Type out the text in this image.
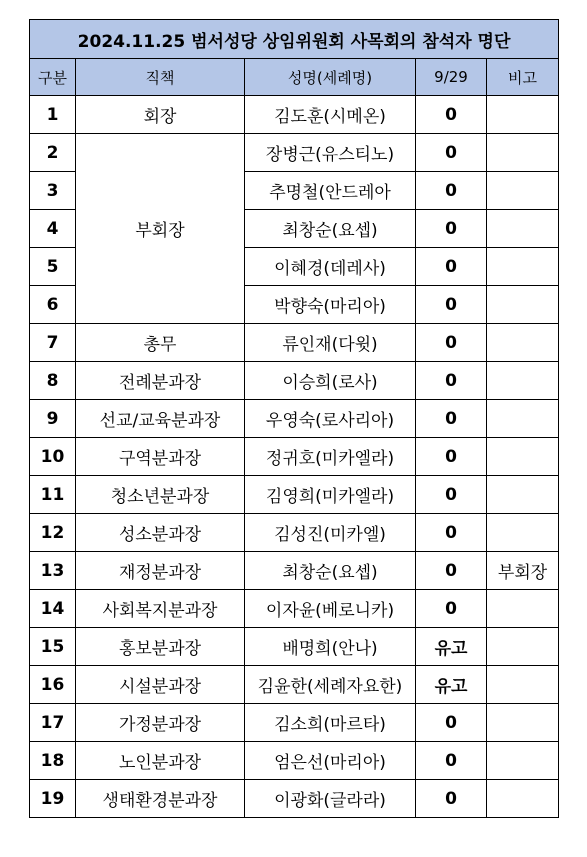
2024.11.25 범서성당 상임위원회 사목회의 참석자 명단				
구분	직책	성명(세례명)	9/29	비고
1	회장	김도훈(시메온)	0	
2	부회장	장병근(유스티노)	0	
3		추명철(안드레아	0	
4		최창순(요셉)	0	
5		이혜경(데레사)	0	
6		박향숙(마리아)	0	
7	총무	류인재(다윗)	0	
8	전례분과장	이승희(로사)	0	
9	선교/교육분과장	우영숙(로사리아)	0	
10	구역분과장	정귀호(미카엘라)	0	
11	청소년분과장	김영희(미카엘라)	0	
12	성소분과장	김성진(미카엘)	0	
13	재정분과장	최창순(요셉)	0	부회장
14	사회복지분과장	이자윤(베로니카)	0	
15	홍보분과장	배명희(안나)	유고	
16	시설분과장	김윤한(세례자요한)	유고	
17	가정분과장	김소희(마르타)	0	
18	노인분과장	엄은선(마리아)	0	
19	생태환경분과장	이광화(글라라)	0	
